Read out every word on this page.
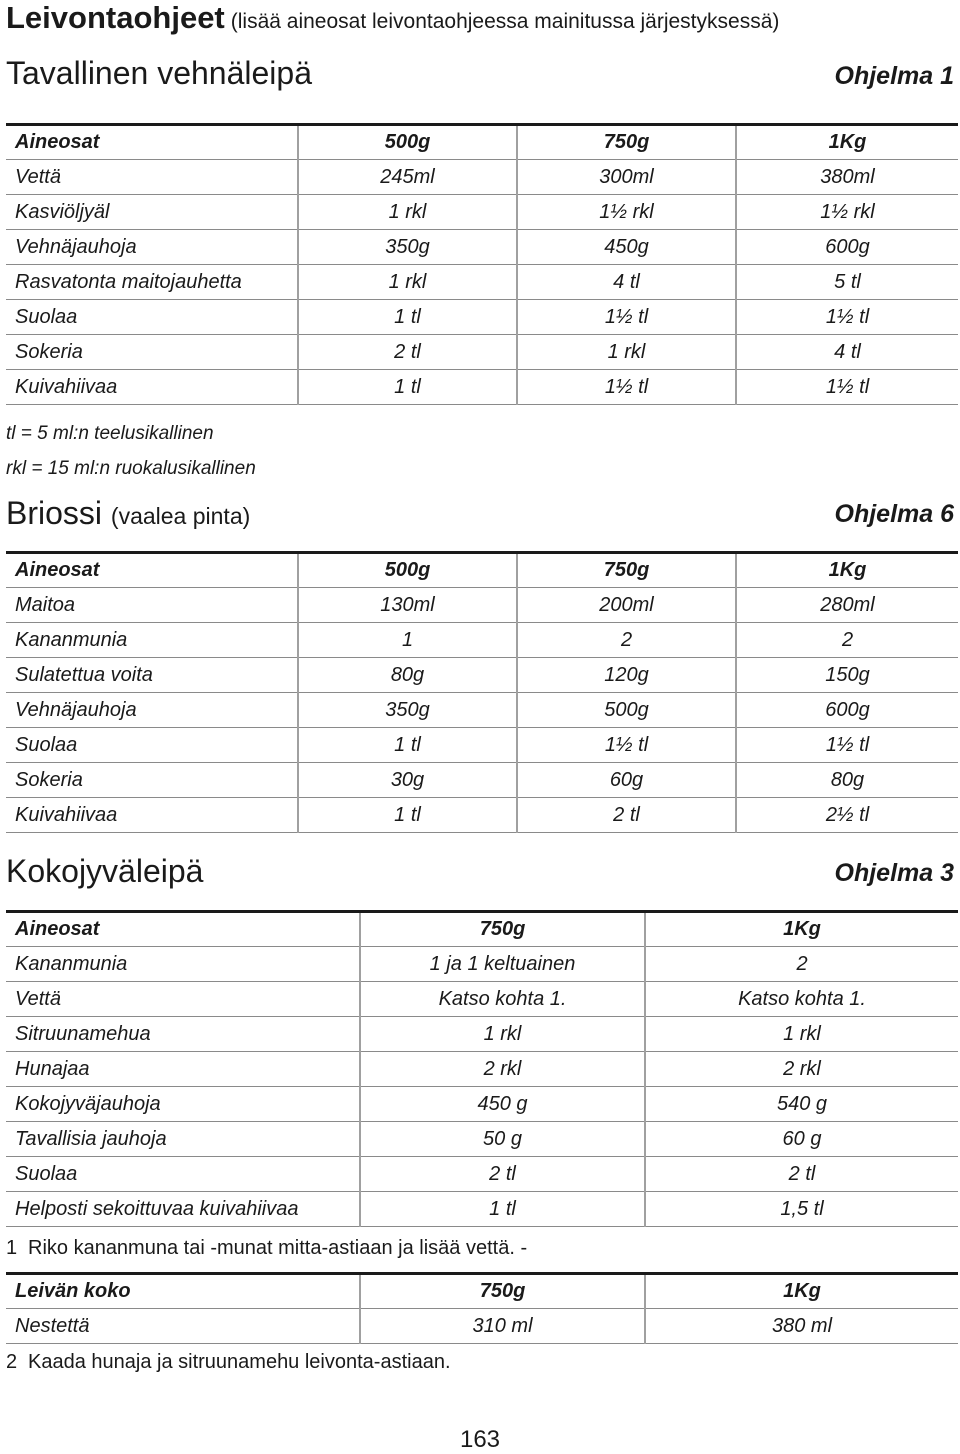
Leivontaohjeet (lisää aineosat leivontaohjeessa mainitussa järjestyksessä)
Tavallinen vehnäleipä	Ohjelma 1
Aineosat	500g	750g	1Kg
Vettä	245ml	300ml	380ml
Kasviöljyäl	1 rkl	1½ rkl	1½ rkl
Vehnäjauhoja	350g	450g	600g
Rasvatonta maitojauhetta	1 rkl	4 tl	5 tl
Suolaa	1 tl	1½ tl	1½ tl
Sokeria	2 tl	1 rkl	4 tl
Kuivahiivaa	1 tl	1½ tl	1½ tl
tl = 5 ml:n teelusikallinen
rkl = 15 ml:n ruokalusikallinen
Briossi (vaalea pinta)	Ohjelma 6
Aineosat	500g	750g	1Kg
Maitoa	130ml	200ml	280ml
Kananmunia	1	2	2
Sulatettua voita	80g	120g	150g
Vehnäjauhoja	350g	500g	600g
Suolaa	1 tl	1½ tl	1½ tl
Sokeria	30g	60g	80g
Kuivahiivaa	1 tl	2 tl	2½ tl
Kokojyväleipä	Ohjelma 3
Aineosat	750g	1Kg
Kananmunia	1 ja 1 keltuainen	2
Vettä	Katso kohta 1.	Katso kohta 1.
Sitruunamehua	1 rkl	1 rkl
Hunajaa	2 rkl	2 rkl
Kokojyväjauhoja	450 g	540 g
Tavallisia jauhoja	50 g	60 g
Suolaa	2 tl	2 tl
Helposti sekoittuvaa kuivahiivaa	1 tl	1,5 tl
1 Riko kananmuna tai -munat mitta-astiaan ja lisää vettä. -
Leivän koko	750g	1Kg
Nestettä	310 ml	380 ml
2 Kaada hunaja ja sitruunamehu leivonta-astiaan.
163
